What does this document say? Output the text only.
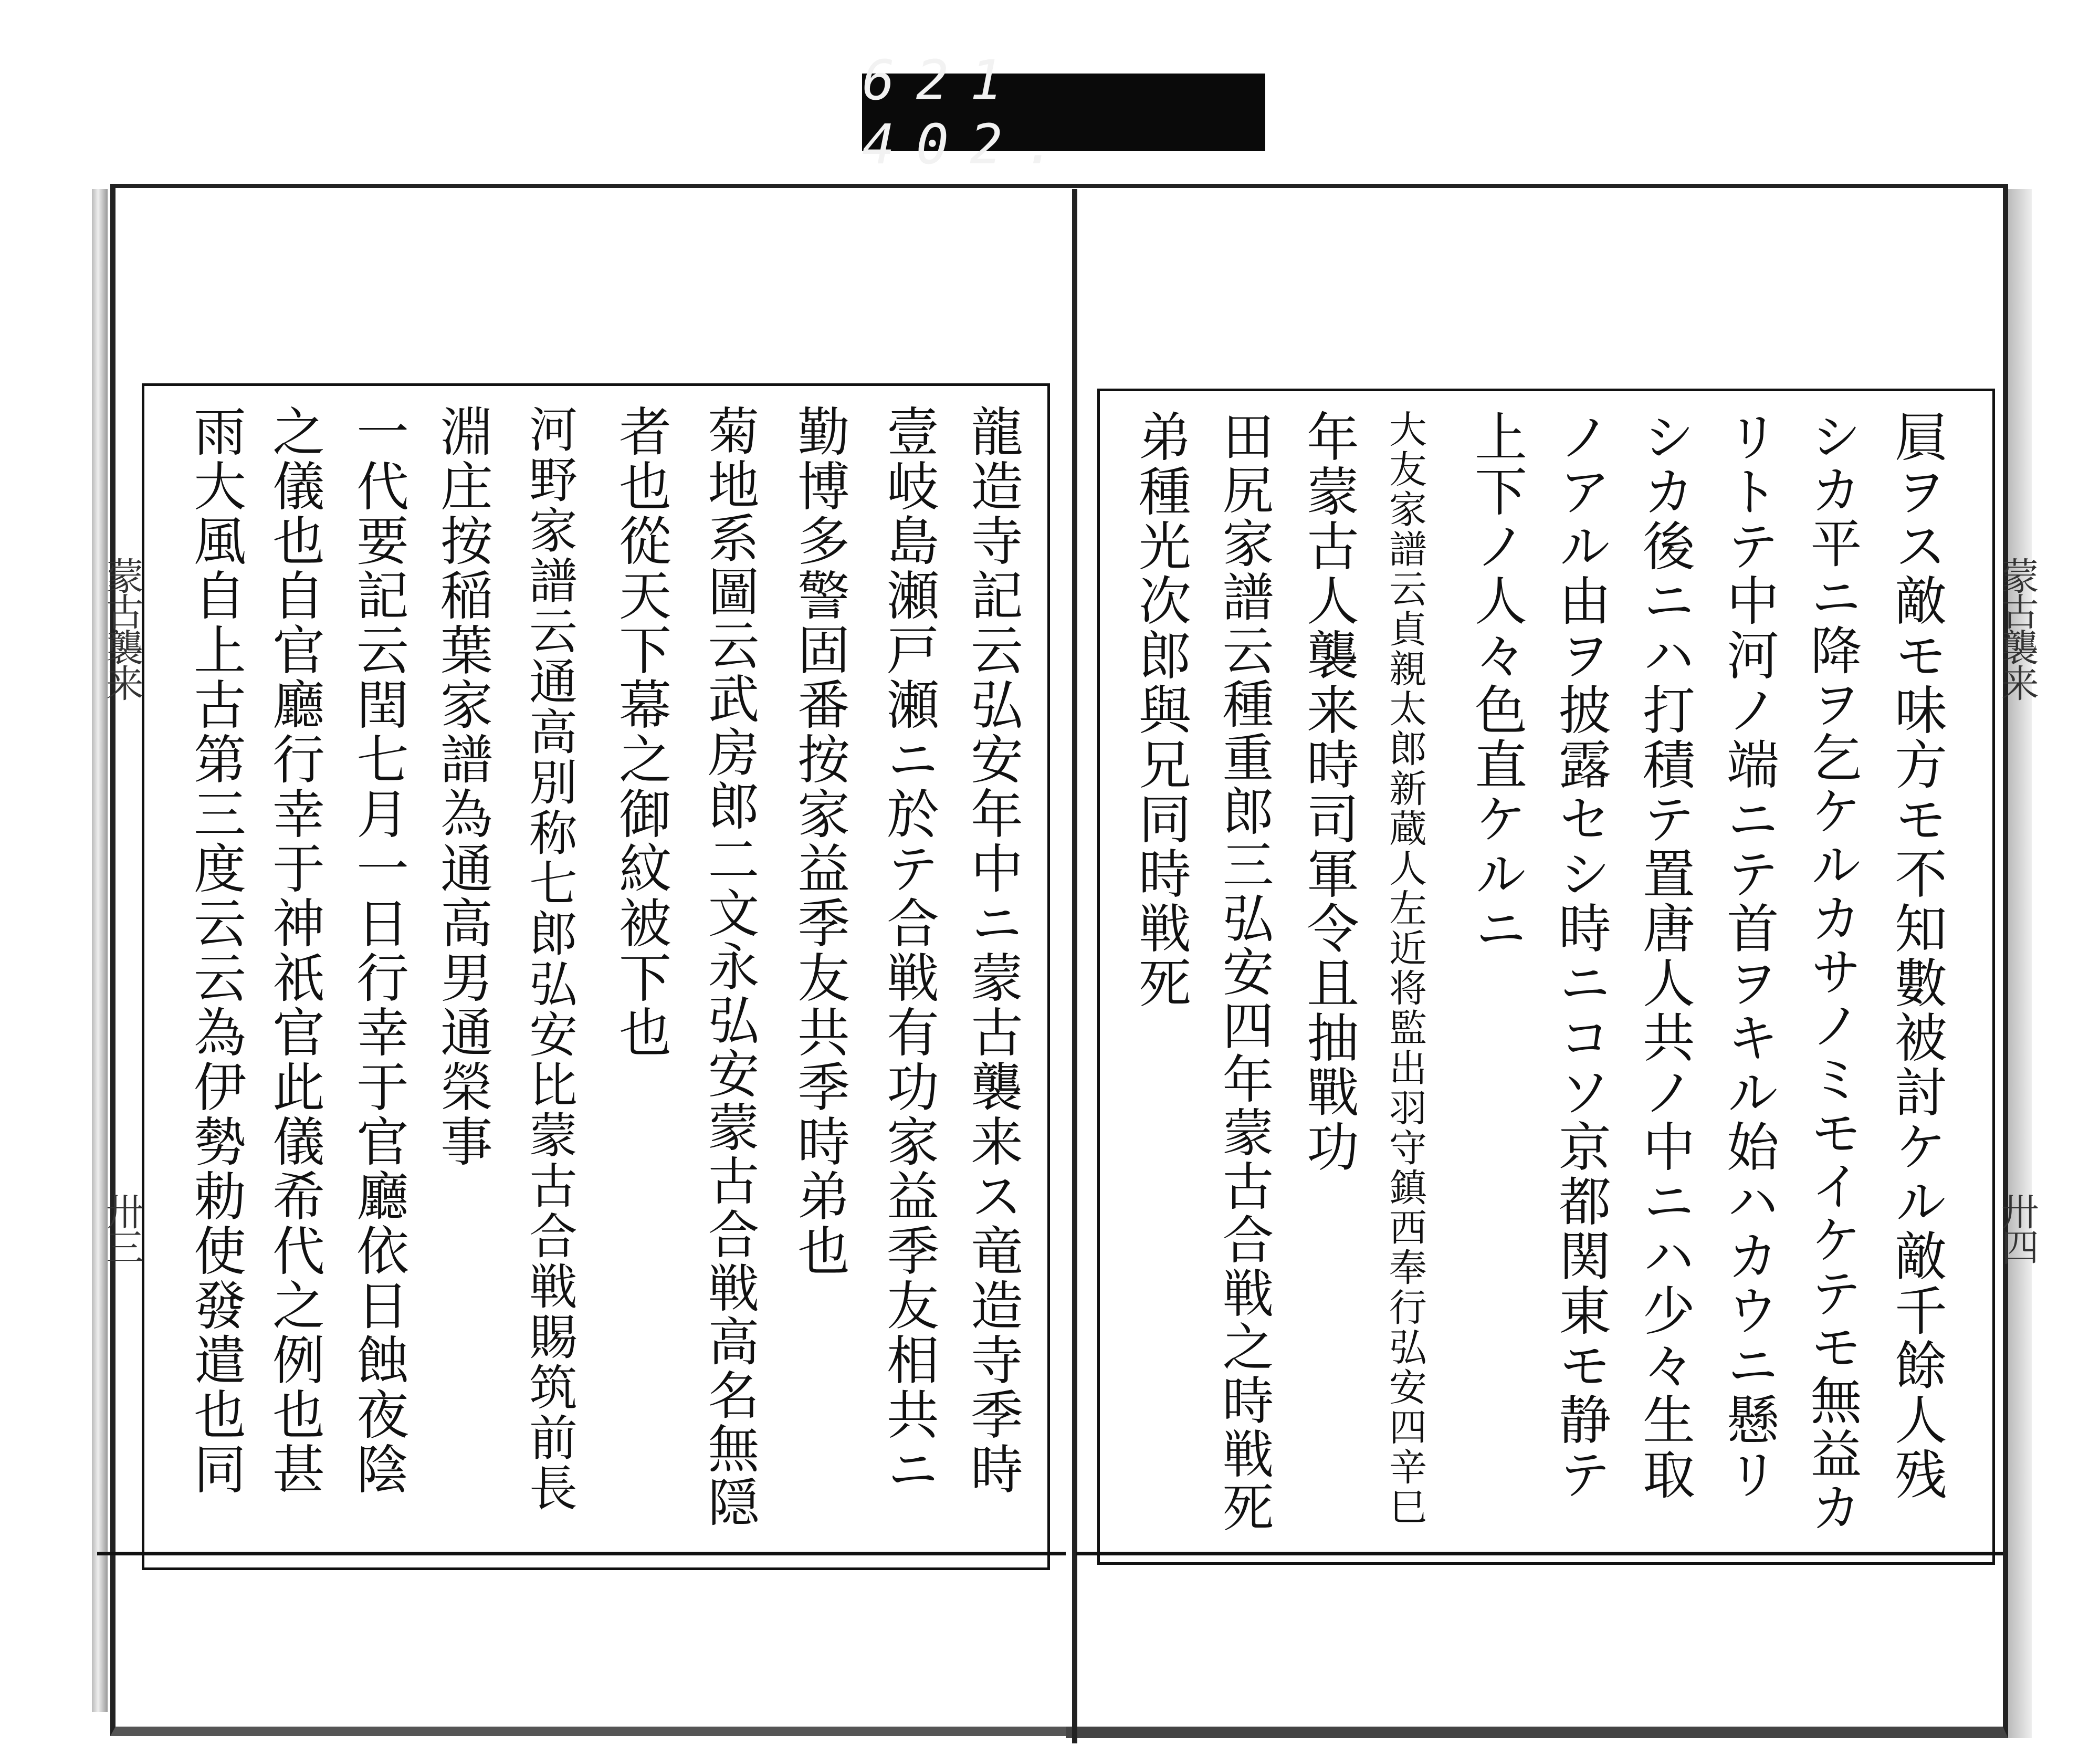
621 402.
蒙古襲来
卅三	龍造寺記云弘安年中ニ蒙古襲来ス竜造寺季時
壹岐島瀬戸瀬ニ於テ合戦有功家益季友相共ニ
勤博多警固番按家益季友共季時弟也
菊地系圖云武房郎二文永弘安蒙古合戦高名無隠
者也從天下幕之御紋被下也
河野家譜云通高別称七郎弘安比蒙古合戦賜筑前長
淵庄按稲葉家譜為通高男通榮事
一代要記云閏七月一日行幸于官廳依日蝕夜陰
之儀也自官廳行幸于神祇官此儀希代之例也甚
雨大風自上古第三度云云為伊勢勅使發遣也同	蒙古襲来
卅四
屓ヲス敵モ味方モ不知數被討ケル敵千餘人残
シカ平ニ降ヲ乞ケルカサノミモイケテモ無益カ
リトテ中河ノ端ニテ首ヲキル始ハカウニ懸リ
シカ後ニハ打積テ置唐人共ノ中ニハ少々生取
ノアル由ヲ披露セシ時ニコソ京都関東モ静テ
上下ノ人々色直ケルニ
大友家譜云貞親太郎新蔵人左近将監出羽守鎮西奉行弘安四辛巳
年蒙古人襲来時司軍令且抽戰功
田尻家譜云種重郎三弘安四年蒙古合戦之時戦死
弟種光次郎與兄同時戦死
